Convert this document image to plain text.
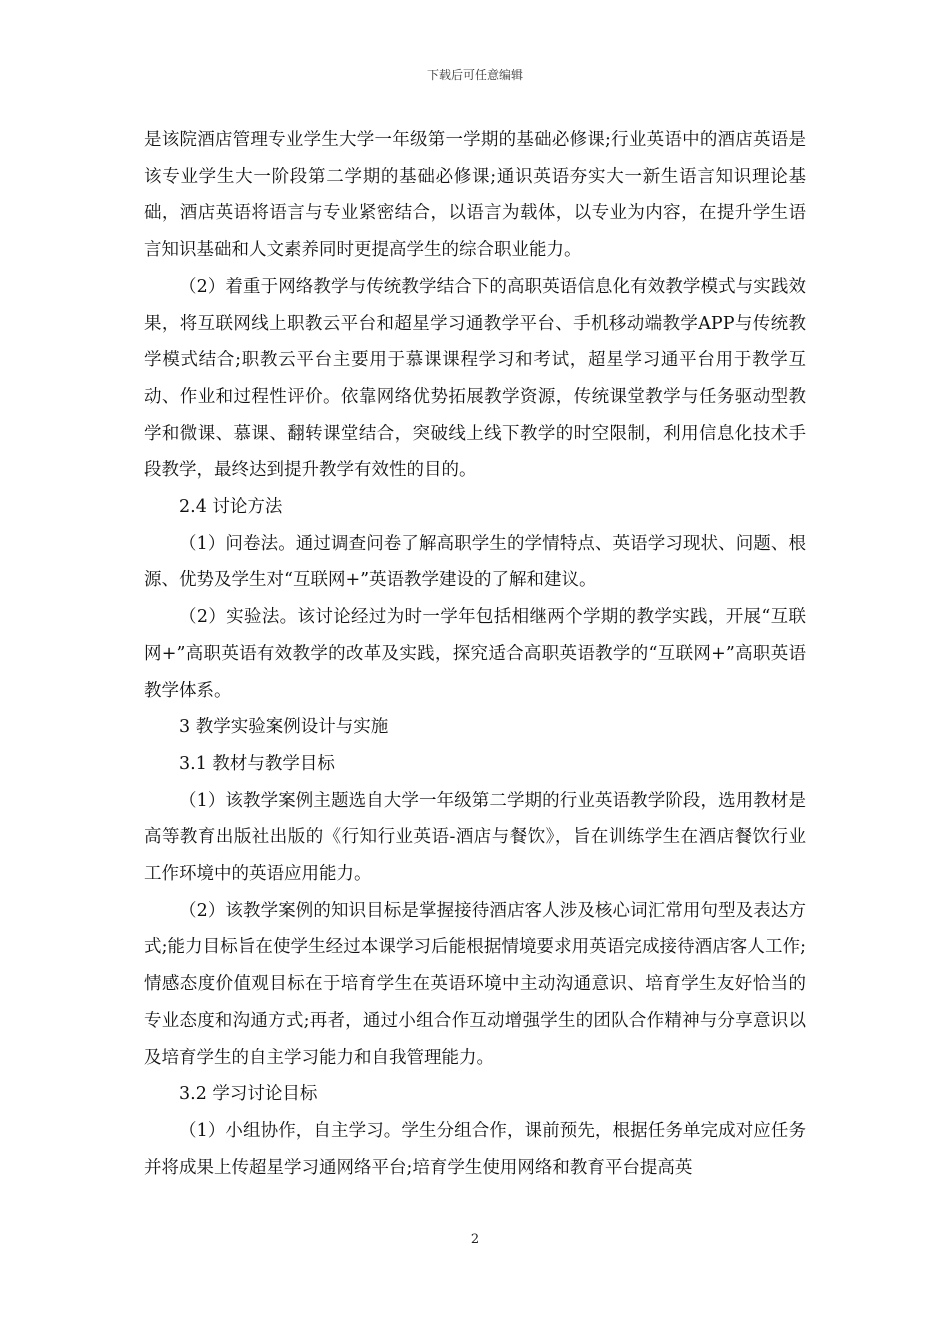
下载后可任意编辑

是该院酒店管理专业学生大学一年级第一学期的基础必修课;行业英语中的酒店英语是该专业学生大一阶段第二学期的基础必修课;通识英语夯实大一新生语言知识理论基础，酒店英语将语言与专业紧密结合，以语言为载体，以专业为内容，在提升学生语言知识基础和人文素养同时更提高学生的综合职业能力。

（2）着重于网络教学与传统教学结合下的高职英语信息化有效教学模式与实践效果，将互联网线上职教云平台和超星学习通教学平台、手机移动端教学APP与传统教学模式结合;职教云平台主要用于慕课课程学习和考试，超星学习通平台用于教学互动、作业和过程性评价。依靠网络优势拓展教学资源，传统课堂教学与任务驱动型教学和微课、慕课、翻转课堂结合，突破线上线下教学的时空限制，利用信息化技术手段教学，最终达到提升教学有效性的目的。

2.4 讨论方法

（1）问卷法。通过调查问卷了解高职学生的学情特点、英语学习现状、问题、根源、优势及学生对“互联网+”英语教学建设的了解和建议。

（2）实验法。该讨论经过为时一学年包括相继两个学期的教学实践，开展“互联网+”高职英语有效教学的改革及实践，探究适合高职英语教学的“互联网+”高职英语教学体系。

3 教学实验案例设计与实施

3.1 教材与教学目标

（1）该教学案例主题选自大学一年级第二学期的行业英语教学阶段，选用教材是高等教育出版社出版的《行知行业英语-酒店与餐饮》，旨在训练学生在酒店餐饮行业工作环境中的英语应用能力。

（2）该教学案例的知识目标是掌握接待酒店客人涉及核心词汇常用句型及表达方式;能力目标旨在使学生经过本课学习后能根据情境要求用英语完成接待酒店客人工作;情感态度价值观目标在于培育学生在英语环境中主动沟通意识、培育学生友好恰当的专业态度和沟通方式;再者，通过小组合作互动增强学生的团队合作精神与分享意识以及培育学生的自主学习能力和自我管理能力。

3.2 学习讨论目标

（1）小组协作，自主学习。学生分组合作，课前预先，根据任务单完成对应任务并将成果上传超星学习通网络平台;培育学生使用网络和教育平台提高英

2
